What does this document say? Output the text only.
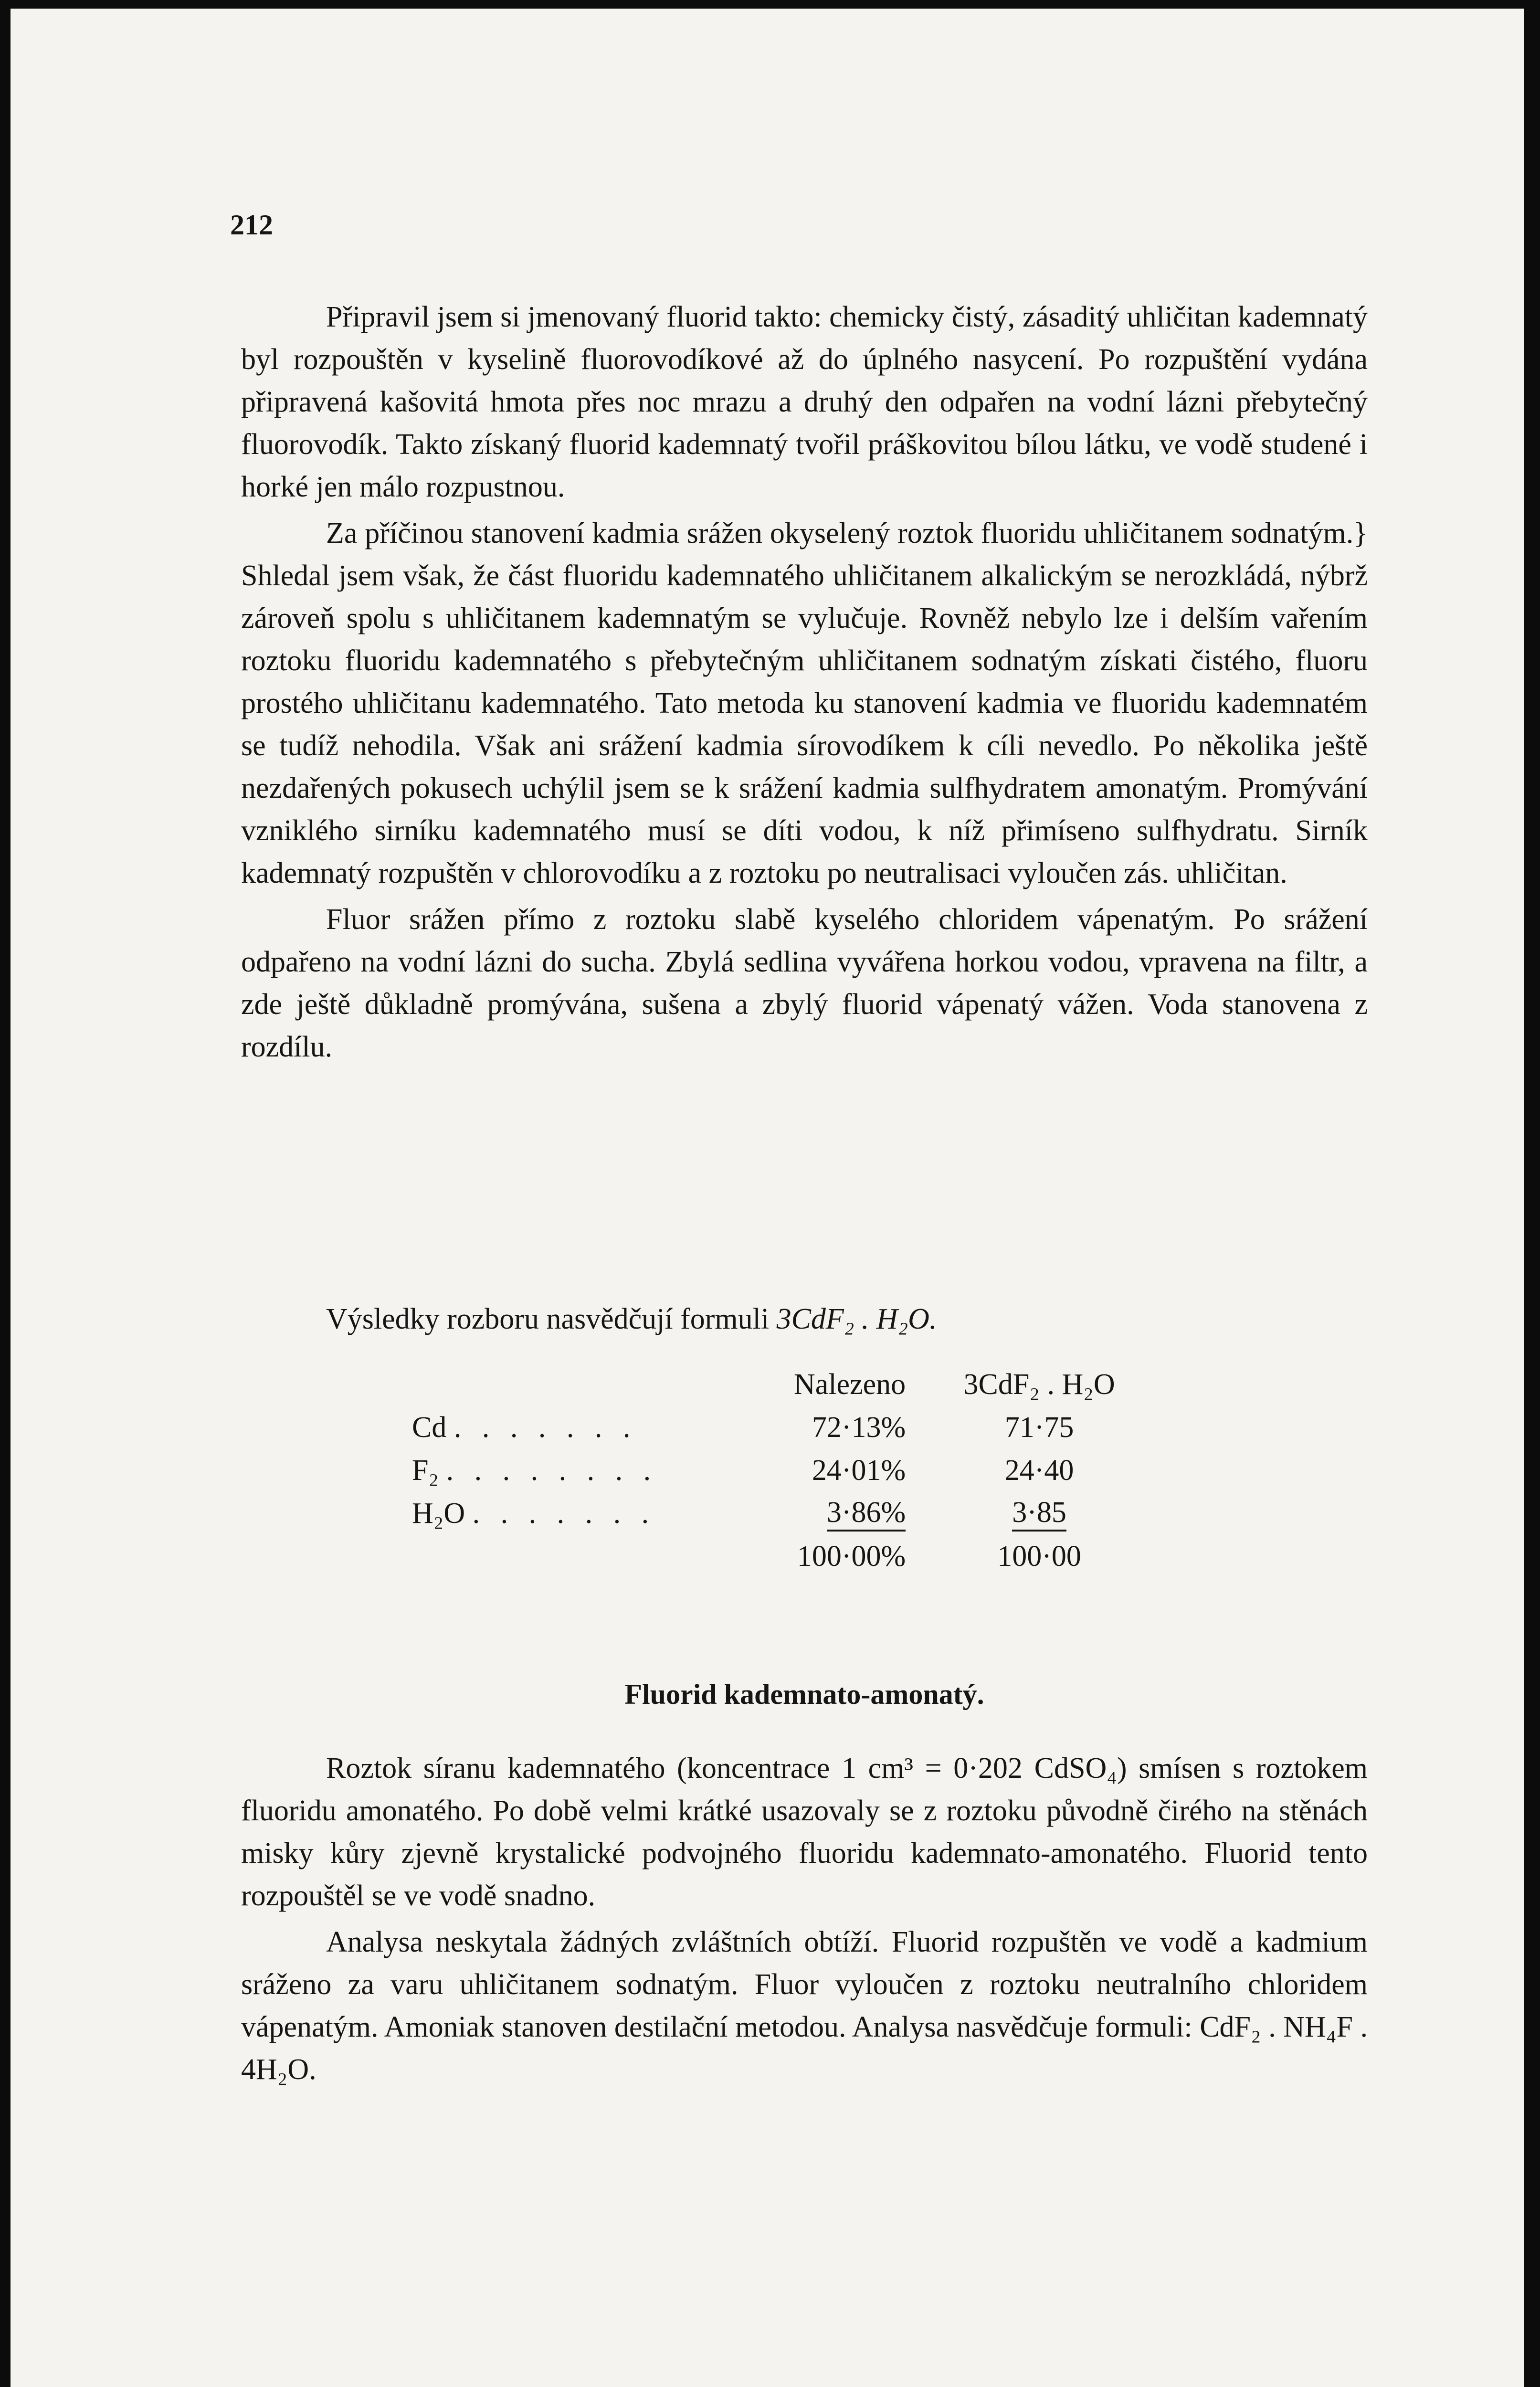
212

Připravil jsem si jmenovaný fluorid takto: chemicky čistý, zásaditý uhličitan kademnatý byl rozpouštěn v kyselině fluorovodíkové až do úplného nasycení. Po rozpuštění vydána připravená kašovitá hmota přes noc mrazu a druhý den odpařen na vodní lázni přebytečný fluorovodík. Takto získaný fluorid kademnatý tvořil práškovitou bílou látku, ve vodě studené i horké jen málo rozpustnou.

Za příčinou stanovení kadmia srážen okyselený roztok fluoridu uhličitanem sodnatým.} Shledal jsem však, že část fluoridu kademnatého uhličitanem alkalickým se nerozkládá, nýbrž zároveň spolu s uhličitanem kademnatým se vylučuje. Rovněž nebylo lze i delším vařením roztoku fluoridu kademnatého s přebytečným uhličitanem sodnatým získati čistého, fluoru prostého uhličitanu kademnatého. Tato metoda ku stanovení kadmia ve fluoridu kademnatém se tudíž nehodila. Však ani srážení kadmia sírovodíkem k cíli nevedlo. Po několika ještě nezdařených pokusech uchýlil jsem se k srážení kadmia sulfhydratem amonatým. Promývání vzniklého sirníku kademnatého musí se díti vodou, k níž přimíseno sulfhydratu. Sirník kademnatý rozpuštěn v chlorovodíku a z roztoku po neutralisaci vyloučen zás. uhličitan.

Fluor srážen přímo z roztoku slabě kyselého chloridem vápenatým. Po srážení odpařeno na vodní lázni do sucha. Zbylá sedlina vyvářena horkou vodou, vpravena na filtr, a zde ještě důkladně promývána, sušena a zbylý fluorid vápenatý vážen. Voda stanovena z rozdílu.

Výsledky rozboru nasvědčují formuli 3CdF₂ . H₂O.
	Nalezeno	3CdF₂ . H₂O
Cd . . . . . . .	72·13%	71·75
F₂ . . . . . . . .	24·01%	24·40
H₂O . . . . . . .	3·86%	3·85
	100·00%	100·00
Fluorid kademnato-amonatý.

Roztok síranu kademnatého (koncentrace 1 cm³ = 0·202 CdSO₄) smísen s roztokem fluoridu amonatého. Po době velmi krátké usazovaly se z roztoku původně čirého na stěnách misky kůry zjevně krystalické podvojného fluoridu kademnato-amonatého. Fluorid tento rozpouštěl se ve vodě snadno.

Analysa neskytala žádných zvláštních obtíží. Fluorid rozpuštěn ve vodě a kadmium sráženo za varu uhličitanem sodnatým. Fluor vyloučen z roztoku neutralního chloridem vápenatým. Amoniak stanoven destilační metodou. Analysa nasvědčuje formuli: CdF₂ . NH₄F . 4H₂O.
